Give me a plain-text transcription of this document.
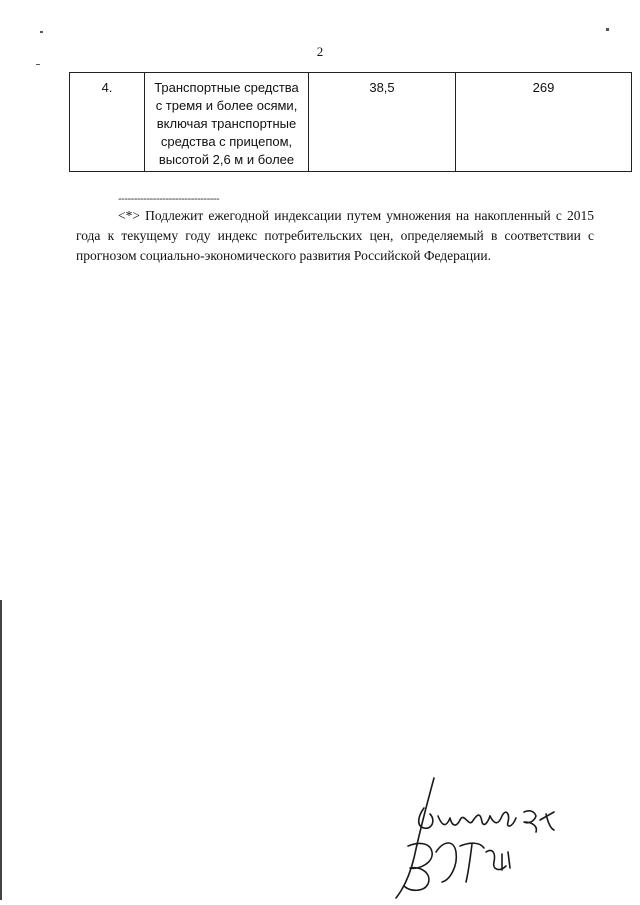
2
4.	Транспортные средства
с тремя и более осями,
включая транспортные
средства с прицепом,
высотой 2,6 м и более	38,5	269
--------------------------------
<*> Подлежит ежегодной индексации путем умножения на накопленный с 2015 года к текущему году индекс потребительских цен, определяемый в соответствии с прогнозом социально-экономического развития Российской Федерации.
